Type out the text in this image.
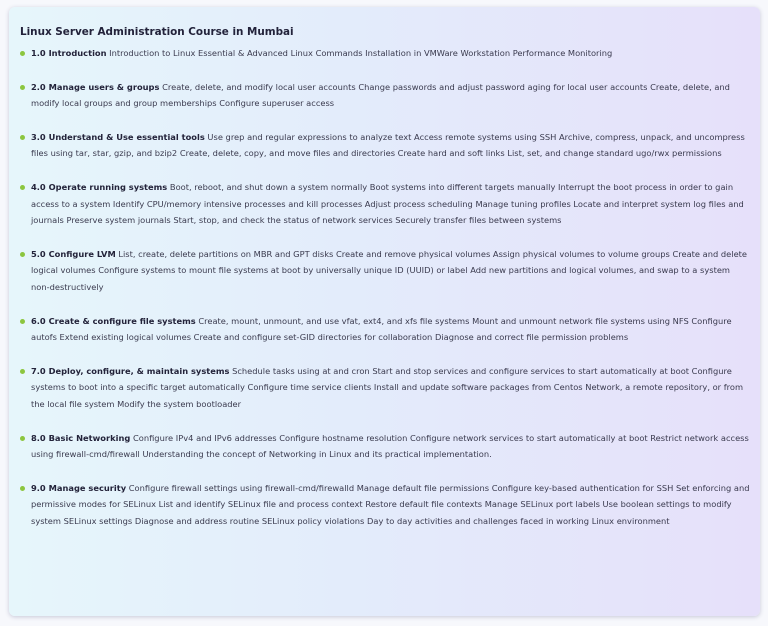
Linux Server Administration Course in Mumbai
1.0 Introduction Introduction to Linux Essential & Advanced Linux Commands Installation in VMWare Workstation Performance Monitoring
2.0 Manage users & groups Create, delete, and modify local user accounts Change passwords and adjust password aging for local user accounts Create, delete, and modify local groups and group memberships Configure superuser access
3.0 Understand & Use essential tools Use grep and regular expressions to analyze text Access remote systems using SSH Archive, compress, unpack, and uncompress files using tar, star, gzip, and bzip2 Create, delete, copy, and move files and directories Create hard and soft links List, set, and change standard ugo/rwx permissions
4.0 Operate running systems Boot, reboot, and shut down a system normally Boot systems into different targets manually Interrupt the boot process in order to gain access to a system Identify CPU/memory intensive processes and kill processes Adjust process scheduling Manage tuning profiles Locate and interpret system log files and journals Preserve system journals Start, stop, and check the status of network services Securely transfer files between systems
5.0 Configure LVM List, create, delete partitions on MBR and GPT disks Create and remove physical volumes Assign physical volumes to volume groups Create and delete logical volumes Configure systems to mount file systems at boot by universally unique ID (UUID) or label Add new partitions and logical volumes, and swap to a system non-destructively
6.0 Create & configure file systems Create, mount, unmount, and use vfat, ext4, and xfs file systems Mount and unmount network file systems using NFS Configure autofs Extend existing logical volumes Create and configure set-GID directories for collaboration Diagnose and correct file permission problems
7.0 Deploy, configure, & maintain systems Schedule tasks using at and cron Start and stop services and configure services to start automatically at boot Configure systems to boot into a specific target automatically Configure time service clients Install and update software packages from Centos Network, a remote repository, or from the local file system Modify the system bootloader
8.0 Basic Networking Configure IPv4 and IPv6 addresses Configure hostname resolution Configure network services to start automatically at boot Restrict network access using firewall-cmd/firewall Understanding the concept of Networking in Linux and its practical implementation.
9.0 Manage security Configure firewall settings using firewall-cmd/firewalld Manage default file permissions Configure key-based authentication for SSH Set enforcing and permissive modes for SELinux List and identify SELinux file and process context Restore default file contexts Manage SELinux port labels Use boolean settings to modify system SELinux settings Diagnose and address routine SELinux policy violations Day to day activities and challenges faced in working Linux environment
